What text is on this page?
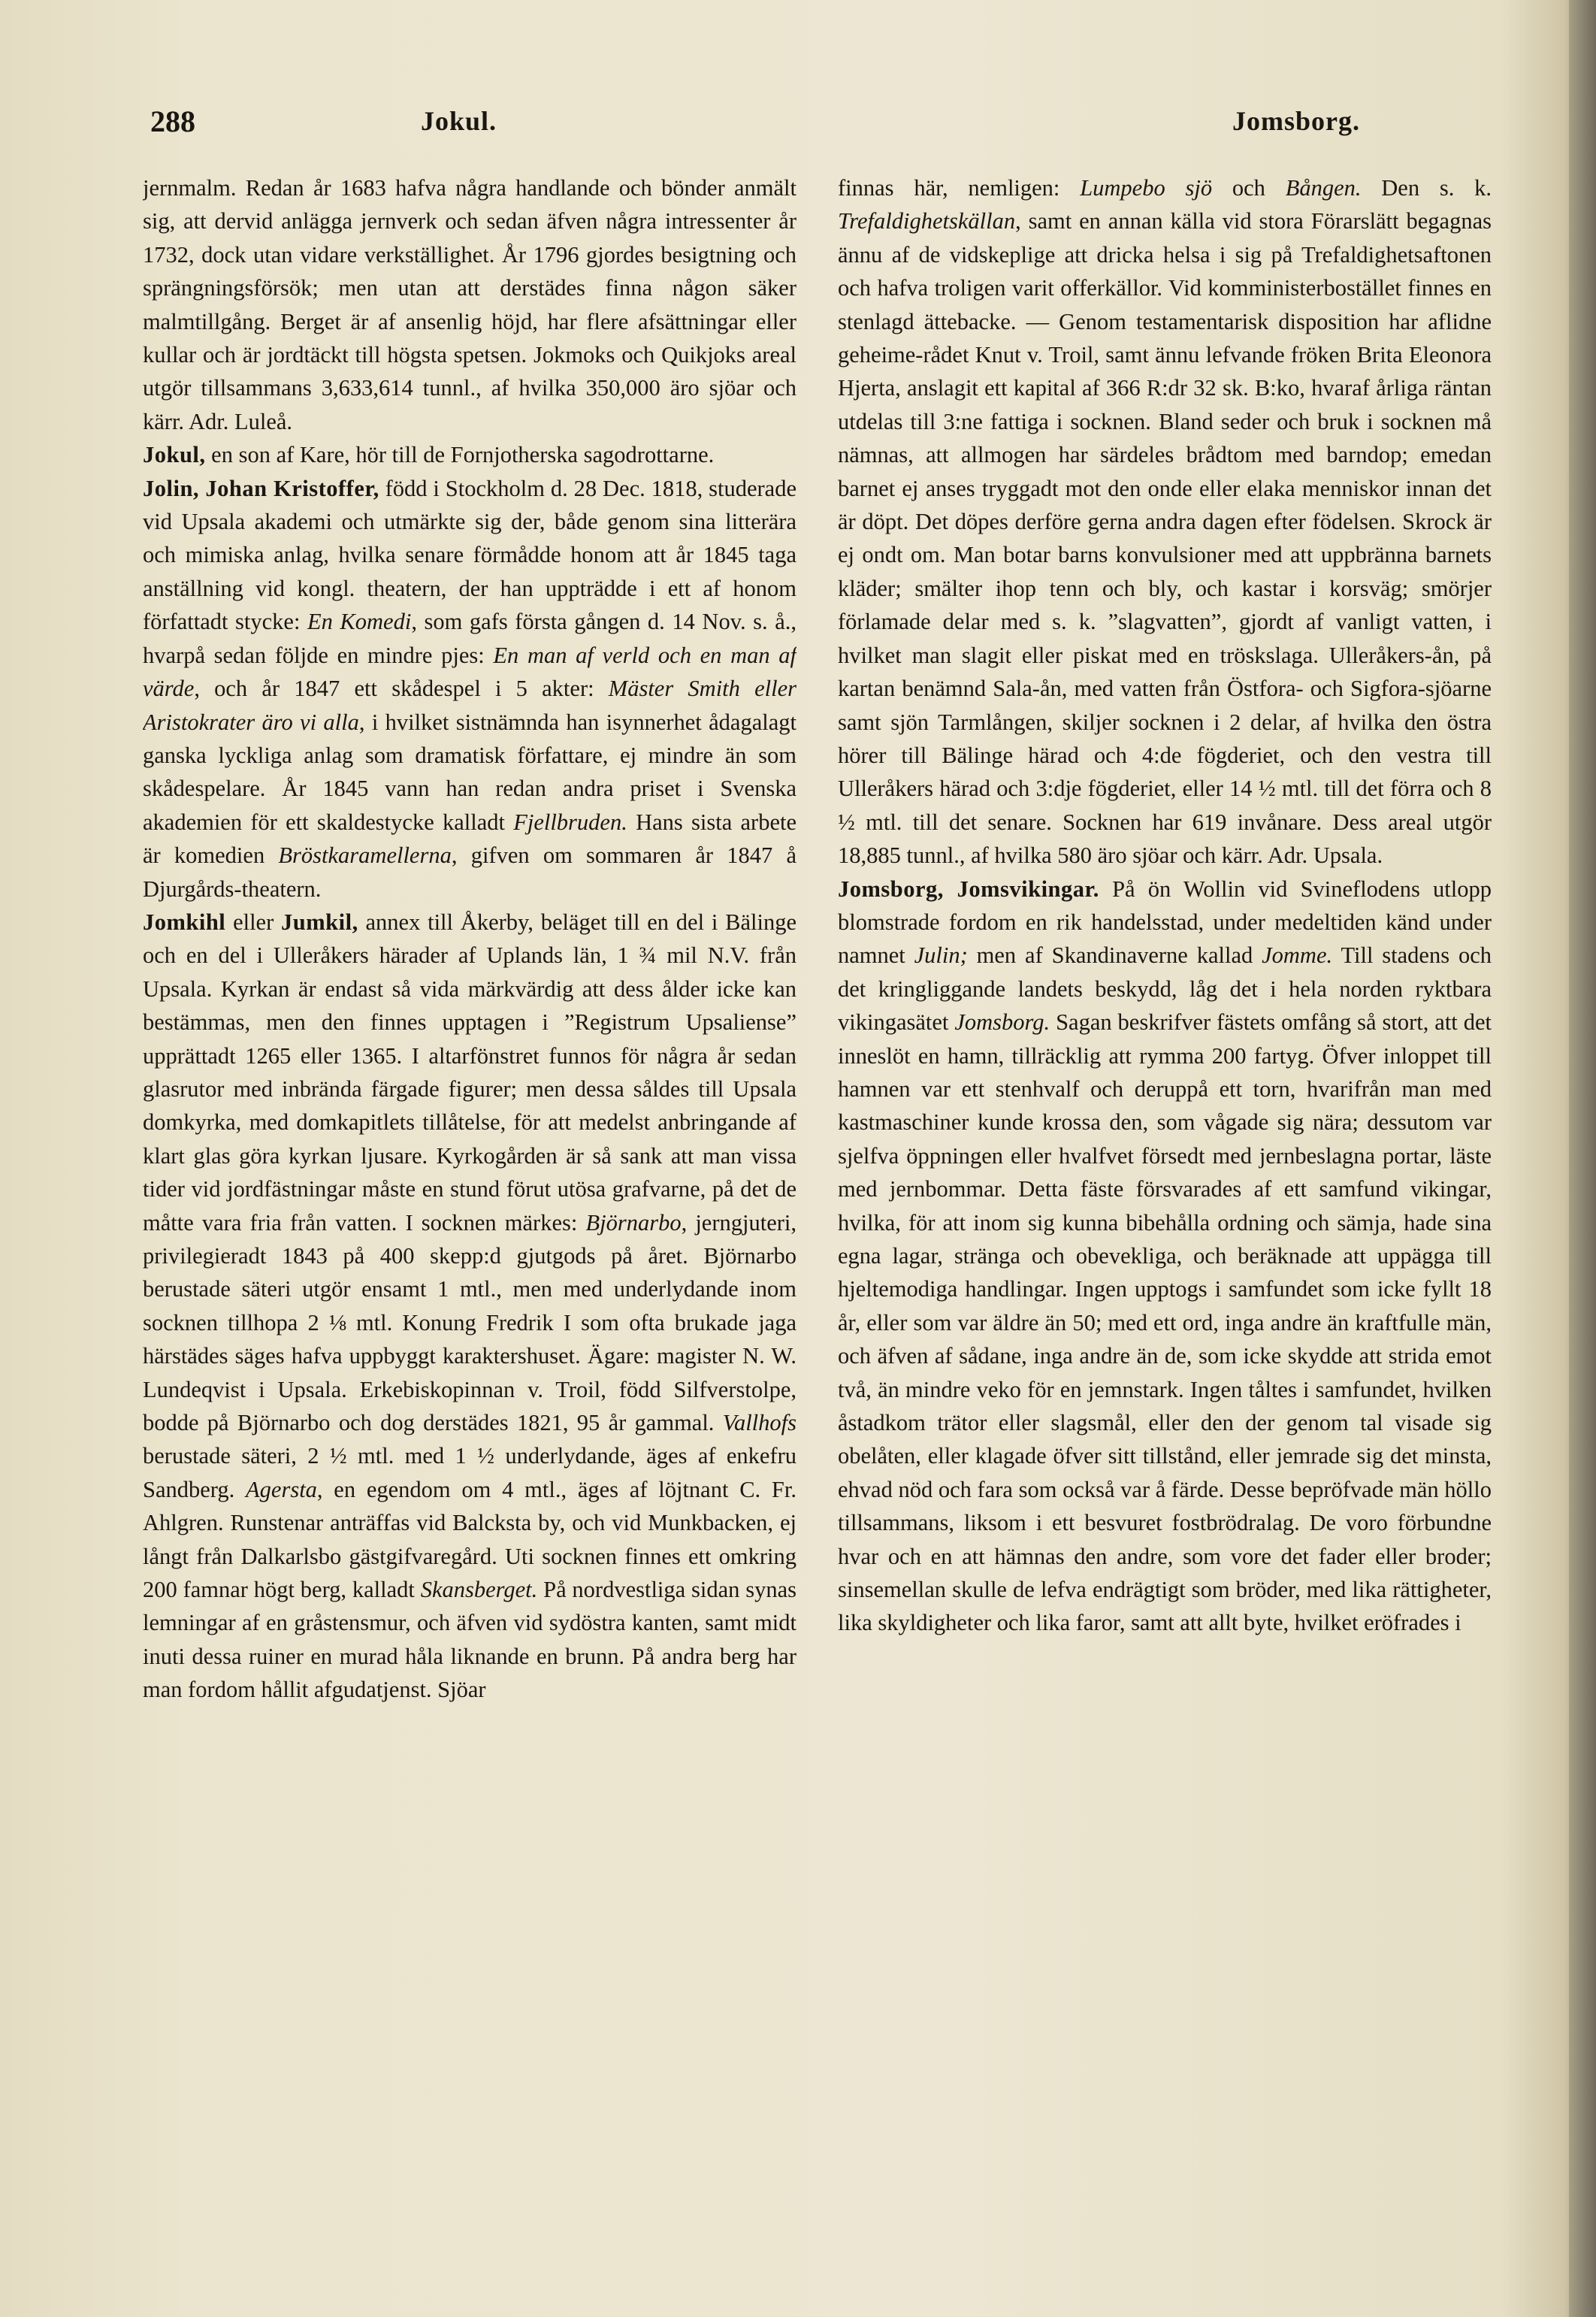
288	Jokul.	Jomsborg.

jernmalm. Redan år 1683 hafva några handlande och bönder anmält sig, att dervid anlägga jernverk och sedan äfven några intressenter år 1732, dock utan vidare verkställighet. År 1796 gjordes besigtning och sprängningsförsök; men utan att derstädes finna någon säker malmtillgång. Berget är af ansenlig höjd, har flere afsättningar eller kullar och är jordtäckt till högsta spetsen. Jokmoks och Quikjoks areal utgör tillsammans 3,633,614 tunnl., af hvilka 350,000 äro sjöar och kärr. Adr. Luleå.

Jokul, en son af Kare, hör till de Fornjotherska sagodrottarne.

Jolin, Johan Kristoffer, född i Stockholm d. 28 Dec. 1818, studerade vid Upsala akademi och utmärkte sig der, både genom sina litterära och mimiska anlag, hvilka senare förmådde honom att år 1845 taga anställning vid kongl. theatern, der han uppträdde i ett af honom författadt stycke: En Komedi, som gafs första gången d. 14 Nov. s. å., hvarpå sedan följde en mindre pjes: En man af verld och en man af värde, och år 1847 ett skådespel i 5 akter: Mäster Smith eller Aristokrater äro vi alla, i hvilket sistnämnda han isynnerhet ådagalagt ganska lyckliga anlag som dramatisk författare, ej mindre än som skådespelare. År 1845 vann han redan andra priset i Svenska akademien för ett skaldestycke kalladt Fjellbruden. Hans sista arbete är komedien Bröstkaramellerna, gifven om sommaren år 1847 å Djurgårds-theatern.

Jomkihl eller Jumkil, annex till Åkerby, beläget till en del i Bälinge och en del i Ulleråkers härader af Uplands län, 1 ¾ mil N.V. från Upsala. Kyrkan är endast så vida märkvärdig att dess ålder icke kan bestämmas, men den finnes upptagen i ”Registrum Upsaliense” upprättadt 1265 eller 1365. I altarfönstret funnos för några år sedan glasrutor med inbrända färgade figurer; men dessa såldes till Upsala domkyrka, med domkapitlets tillåtelse, för att medelst anbringande af klart glas göra kyrkan ljusare. Kyrkogården är så sank att man vissa tider vid jordfästningar måste en stund förut utösa grafvarne, på det de måtte vara fria från vatten. I socknen märkes: Björnarbo, jerngjuteri, privilegieradt 1843 på 400 skepp:d gjutgods på året. Björnarbo berustade säteri utgör ensamt 1 mtl., men med underlydande inom socknen tillhopa 2 ⅛ mtl. Konung Fredrik I som ofta brukade jaga härstädes säges hafva uppbyggt karaktershuset. Ägare: magister N. W. Lundeqvist i Upsala. Erkebiskopinnan v. Troil, född Silfverstolpe, bodde på Björnarbo och dog derstädes 1821, 95 år gammal. Vallhofs berustade säteri, 2 ½ mtl. med 1 ½ underlydande, äges af enkefru Sandberg. Agersta, en egendom om 4 mtl., äges af löjtnant C. Fr. Ahlgren. Runstenar anträffas vid Balcksta by, och vid Munkbacken, ej långt från Dalkarlsbo gästgifvaregård. Uti socknen finnes ett omkring 200 famnar högt berg, kalladt Skansberget. På nordvestliga sidan synas lemningar af en gråstensmur, och äfven vid sydöstra kanten, samt midt inuti dessa ruiner en murad håla liknande en brunn. På andra berg har man fordom hållit afgudatjenst. Sjöar

finnas här, nemligen: Lumpebo sjö och Bången. Den s. k. Trefaldighetskällan, samt en annan källa vid stora Förarslätt begagnas ännu af de vidskeplige att dricka helsa i sig på Trefaldighetsaftonen och hafva troligen varit offerkällor. Vid komministerbostället finnes en stenlagd ättebacke. — Genom testamentarisk disposition har aflidne geheime-rådet Knut v. Troil, samt ännu lefvande fröken Brita Eleonora Hjerta, anslagit ett kapital af 366 R:dr 32 sk. B:ko, hvaraf årliga räntan utdelas till 3:ne fattiga i socknen. Bland seder och bruk i socknen må nämnas, att allmogen har särdeles brådtom med barndop; emedan barnet ej anses tryggadt mot den onde eller elaka menniskor innan det är döpt. Det döpes derföre gerna andra dagen efter födelsen. Skrock är ej ondt om. Man botar barns konvulsioner med att uppbränna barnets kläder; smälter ihop tenn och bly, och kastar i korsväg; smörjer förlamade delar med s. k. ”slagvatten”, gjordt af vanligt vatten, i hvilket man slagit eller piskat med en tröskslaga. Ulleråkers-ån, på kartan benämnd Sala-ån, med vatten från Östfora- och Sigfora-sjöarne samt sjön Tarmlången, skiljer socknen i 2 delar, af hvilka den östra hörer till Bälinge härad och 4:de fögderiet, och den vestra till Ulleråkers härad och 3:dje fögderiet, eller 14 ½ mtl. till det förra och 8 ½ mtl. till det senare. Socknen har 619 invånare. Dess areal utgör 18,885 tunnl., af hvilka 580 äro sjöar och kärr. Adr. Upsala.

Jomsborg, Jomsvikingar. På ön Wollin vid Svineflodens utlopp blomstrade fordom en rik handelsstad, under medeltiden känd under namnet Julin; men af Skandinaverne kallad Jomme. Till stadens och det kringliggande landets beskydd, låg det i hela norden ryktbara vikingasätet Jomsborg. Sagan beskrifver fästets omfång så stort, att det inneslöt en hamn, tillräcklig att rymma 200 fartyg. Öfver inloppet till hamnen var ett stenhvalf och deruppå ett torn, hvarifrån man med kastmaschiner kunde krossa den, som vågade sig nära; dessutom var sjelfva öppningen eller hvalfvet försedt med jernbeslagna portar, läste med jernbommar. Detta fäste försvarades af ett samfund vikingar, hvilka, för att inom sig kunna bibehålla ordning och sämja, hade sina egna lagar, stränga och obevekliga, och beräknade att uppägga till hjeltemodiga handlingar. Ingen upptogs i samfundet som icke fyllt 18 år, eller som var äldre än 50; med ett ord, inga andre än kraftfulle män, och äfven af sådane, inga andre än de, som icke skydde att strida emot två, än mindre veko för en jemnstark. Ingen tåltes i samfundet, hvilken åstadkom trätor eller slagsmål, eller den der genom tal visade sig obelåten, eller klagade öfver sitt tillstånd, eller jemrade sig det minsta, ehvad nöd och fara som också var å färde. Desse bepröfvade män höllo tillsammans, liksom i ett besvuret fostbrödralag. De voro förbundne hvar och en att hämnas den andre, som vore det fader eller broder; sinsemellan skulle de lefva endrägtigt som bröder, med lika rättigheter, lika skyldigheter och lika faror, samt att allt byte, hvilket eröfrades i
